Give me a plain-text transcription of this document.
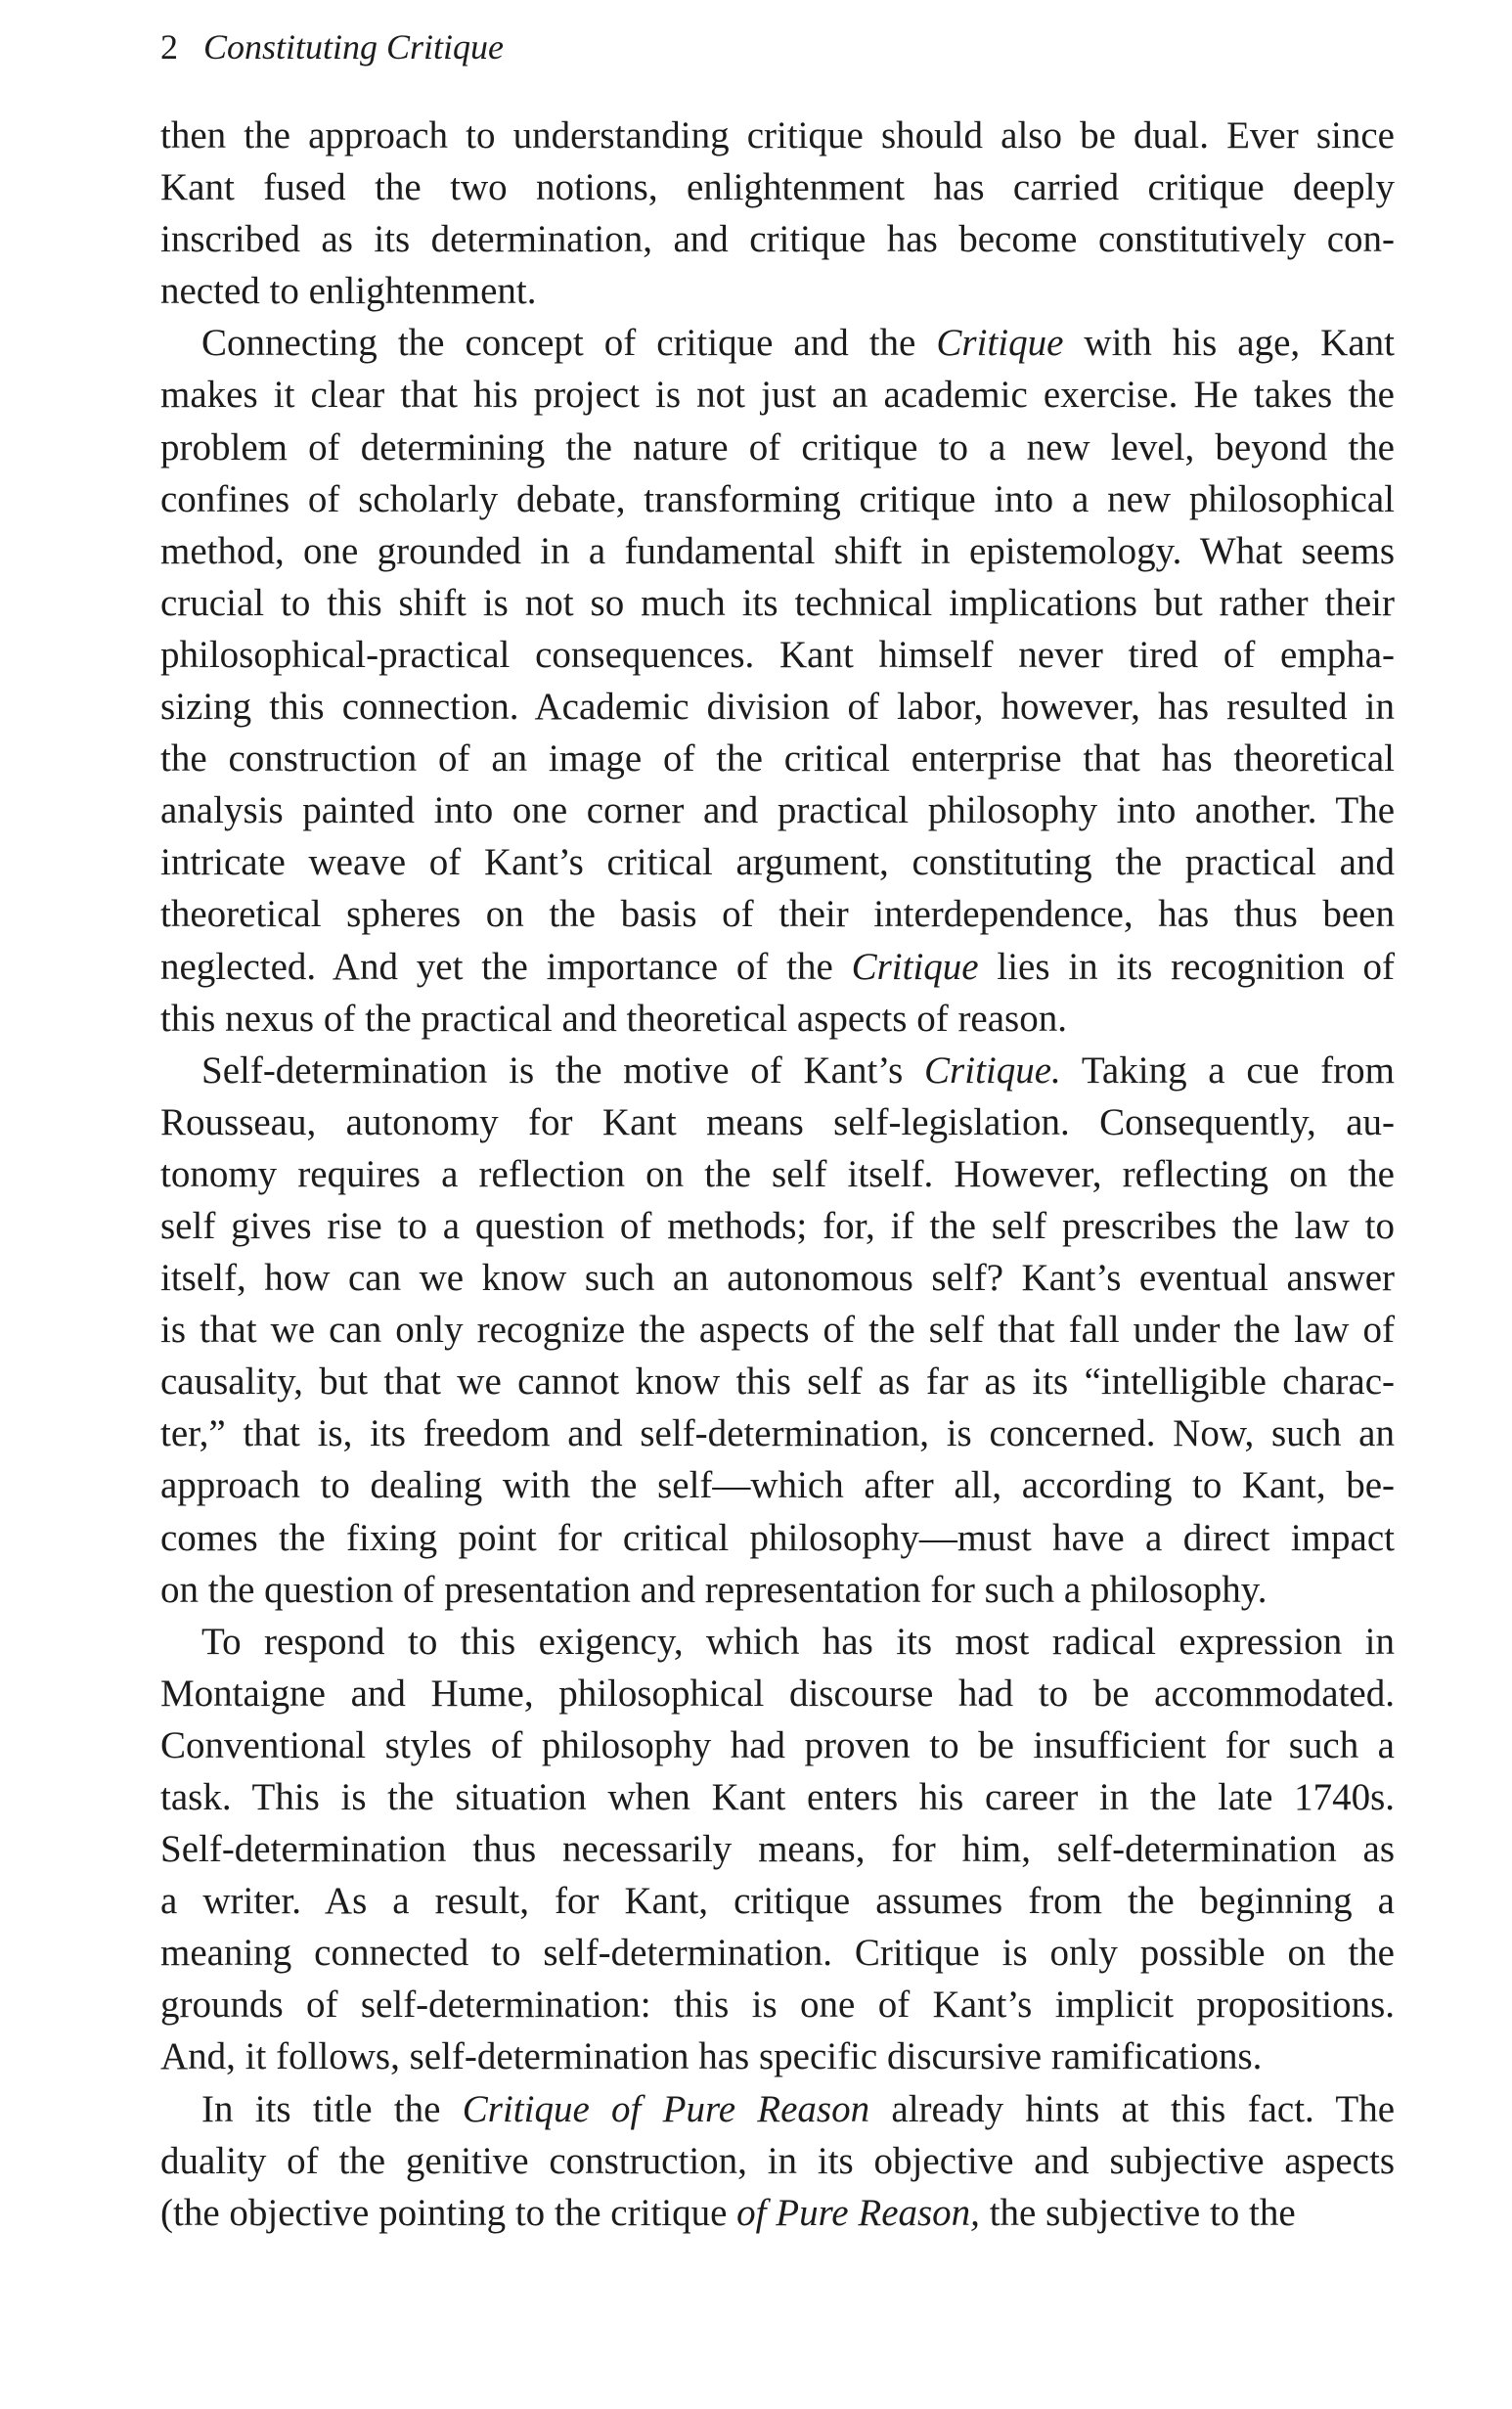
2 Constituting Critique
then the approach to understanding critique should also be dual. Ever since
Kant fused the two notions, enlightenment has carried critique deeply
inscribed as its determination, and critique has become constitutively con-
nected to enlightenment.
Connecting the concept of critique and the Critique with his age, Kant
makes it clear that his project is not just an academic exercise. He takes the
problem of determining the nature of critique to a new level, beyond the
confines of scholarly debate, transforming critique into a new philosophical
method, one grounded in a fundamental shift in epistemology. What seems
crucial to this shift is not so much its technical implications but rather their
philosophical-practical consequences. Kant himself never tired of empha-
sizing this connection. Academic division of labor, however, has resulted in
the construction of an image of the critical enterprise that has theoretical
analysis painted into one corner and practical philosophy into another. The
intricate weave of Kant’s critical argument, constituting the practical and
theoretical spheres on the basis of their interdependence, has thus been
neglected. And yet the importance of the Critique lies in its recognition of
this nexus of the practical and theoretical aspects of reason.
Self-determination is the motive of Kant’s Critique. Taking a cue from
Rousseau, autonomy for Kant means self-legislation. Consequently, au-
tonomy requires a reflection on the self itself. However, reflecting on the
self gives rise to a question of methods; for, if the self prescribes the law to
itself, how can we know such an autonomous self? Kant’s eventual answer
is that we can only recognize the aspects of the self that fall under the law of
causality, but that we cannot know this self as far as its “intelligible charac-
ter,” that is, its freedom and self-determination, is concerned. Now, such an
approach to dealing with the self—which after all, according to Kant, be-
comes the fixing point for critical philosophy—must have a direct impact
on the question of presentation and representation for such a philosophy.
To respond to this exigency, which has its most radical expression in
Montaigne and Hume, philosophical discourse had to be accommodated.
Conventional styles of philosophy had proven to be insufficient for such a
task. This is the situation when Kant enters his career in the late 1740s.
Self-determination thus necessarily means, for him, self-determination as
a writer. As a result, for Kant, critique assumes from the beginning a
meaning connected to self-determination. Critique is only possible on the
grounds of self-determination: this is one of Kant’s implicit propositions.
And, it follows, self-determination has specific discursive ramifications.
In its title the Critique of Pure Reason already hints at this fact. The
duality of the genitive construction, in its objective and subjective aspects
(the objective pointing to the critique of Pure Reason, the subjective to the
